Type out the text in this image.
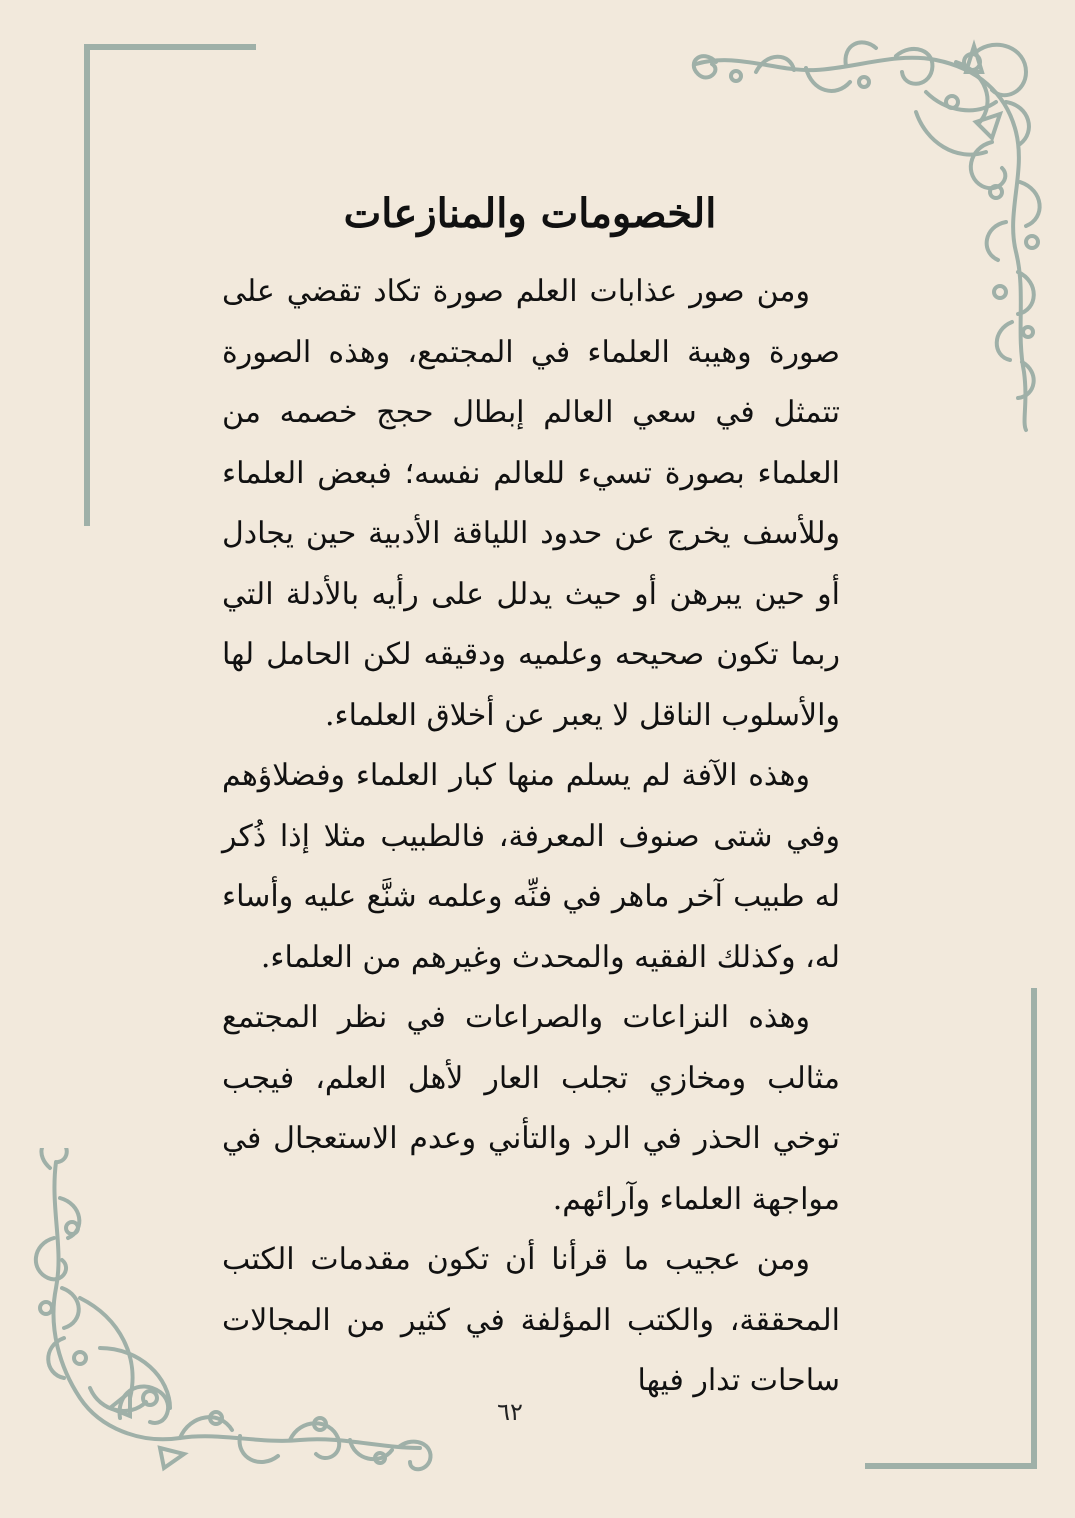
الخصومات والمنازعات

ومن صور عذابات العلم صورة تكاد تقضي على صورة وهيبة العلماء في المجتمع، وهذه الصورة تتمثل في سعي العالم إبطال حجج خصمه من العلماء بصورة تسيء للعالم نفسه؛ فبعض العلماء وللأسف يخرج عن حدود اللياقة الأدبية حين يجادل أو حين يبرهن أو حيث يدلل على رأيه بالأدلة التي ربما تكون صحيحه وعلميه ودقيقه لكن الحامل لها والأسلوب الناقل لا يعبر عن أخلاق العلماء.

وهذه الآفة لم يسلم منها كبار العلماء وفضلاؤهم وفي شتى صنوف المعرفة، فالطبيب مثلا إذا ذُكر له طبيب آخر ماهر في فنِّه وعلمه شنَّع عليه وأساء له، وكذلك الفقيه والمحدث وغيرهم من العلماء.

وهذه النزاعات والصراعات في نظر المجتمع مثالب ومخازي تجلب العار لأهل العلم، فيجب توخي الحذر في الرد والتأني وعدم الاستعجال في مواجهة العلماء وآرائهم.

ومن عجيب ما قرأنا أن تكون مقدمات الكتب المحققة، والكتب المؤلفة في كثير من المجالات ساحات تدار فيها

٦٢
